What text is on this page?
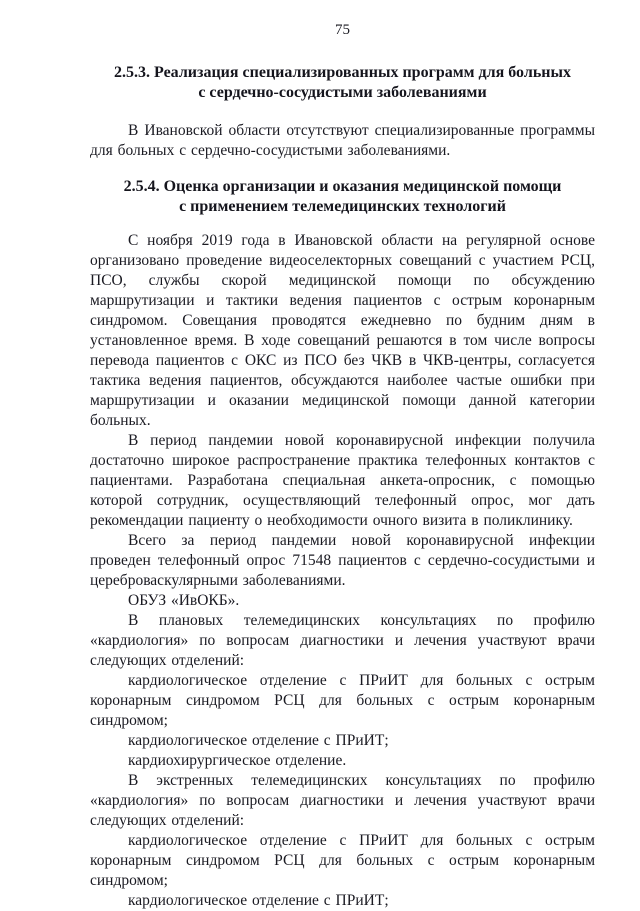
75
2.5.3. Реализация специализированных программ для больных
с сердечно-сосудистыми заболеваниями

В Ивановской области отсутствуют специализированные программы для больных с сердечно-сосудистыми заболеваниями.

2.5.4. Оценка организации и оказания медицинской помощи
с применением телемедицинских технологий

С ноября 2019 года в Ивановской области на регулярной основе организовано проведение видеоселекторных совещаний с участием РСЦ, ПСО, службы скорой медицинской помощи по обсуждению маршрутизации и тактики ведения пациентов с острым коронарным синдромом. Совещания проводятся ежедневно по будним дням в установленное время. В ходе совещаний решаются в том числе вопросы перевода пациентов с ОКС из ПСО без ЧКВ в ЧКВ-центры, согласуется тактика ведения пациентов, обсуждаются наиболее частые ошибки при маршрутизации и оказании медицинской помощи данной категории больных.

В период пандемии новой коронавирусной инфекции получила достаточно широкое распространение практика телефонных контактов с пациентами. Разработана специальная анкета-опросник, с помощью которой сотрудник, осуществляющий телефонный опрос, мог дать рекомендации пациенту о необходимости очного визита в поликлинику.

Всего за период пандемии новой коронавирусной инфекции проведен телефонный опрос 71548 пациентов с сердечно-сосудистыми и цереброваскулярными заболеваниями.

ОБУЗ «ИвОКБ».

В плановых телемедицинских консультациях по профилю «кардиология» по вопросам диагностики и лечения участвуют врачи следующих отделений:

кардиологическое отделение с ПРиИТ для больных с острым коронарным синдромом РСЦ для больных с острым коронарным синдромом;

кардиологическое отделение с ПРиИТ;

кардиохирургическое отделение.

В экстренных телемедицинских консультациях по профилю «кардиология» по вопросам диагностики и лечения участвуют врачи следующих отделений:

кардиологическое отделение с ПРиИТ для больных с острым коронарным синдромом РСЦ для больных с острым коронарным синдромом;

кардиологическое отделение с ПРиИТ;
